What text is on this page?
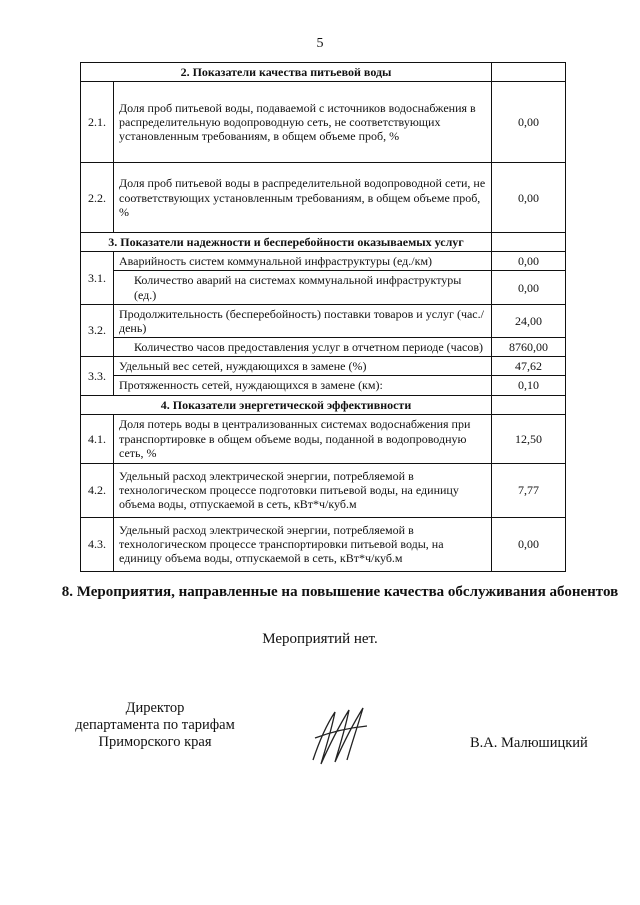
5
2. Показатели качества питьевой воды		
2.1.	Доля проб питьевой воды, подаваемой с источников водоснабжения в распределительную водопроводную сеть, не соответствующих установленным требованиям, в общем объеме проб, %	0,00
2.2.	Доля проб питьевой воды в распределительной водопроводной сети, не соответствующих установленным требованиям, в общем объеме проб, %	0,00
3. Показатели надежности и бесперебойности оказываемых услуг		
3.1.	Аварийность систем коммунальной инфраструктуры (ед./км)	0,00
	Количество аварий на системах коммунальной инфраструктуры (ед.)	0,00
3.2.	Продолжительность (бесперебойность) поставки товаров и услуг (час./день)	24,00
	Количество часов предоставления услуг в отчетном периоде (часов)	8760,00
3.3.	Удельный вес сетей, нуждающихся в замене (%)	47,62
	Протяженность сетей, нуждающихся в замене (км):	0,10
4. Показатели энергетической эффективности		
4.1.	Доля потерь воды в централизованных системах водоснабжения при транспортировке в общем объеме воды, поданной в водопроводную сеть, %	12,50
4.2.	Удельный расход электрической энергии, потребляемой в технологическом процессе подготовки питьевой воды, на единицу объема воды, отпускаемой в сеть, кВт*ч/куб.м	7,77
4.3.	Удельный расход электрической энергии, потребляемой в технологическом процессе транспортировки питьевой воды, на единицу объема воды, отпускаемой в сеть, кВт*ч/куб.м	0,00
8. Мероприятия, направленные на повышение качества обслуживания абонентов
Мероприятий нет.
Директор
департамента по тарифам
Приморского края	В.А. Малюшицкий
